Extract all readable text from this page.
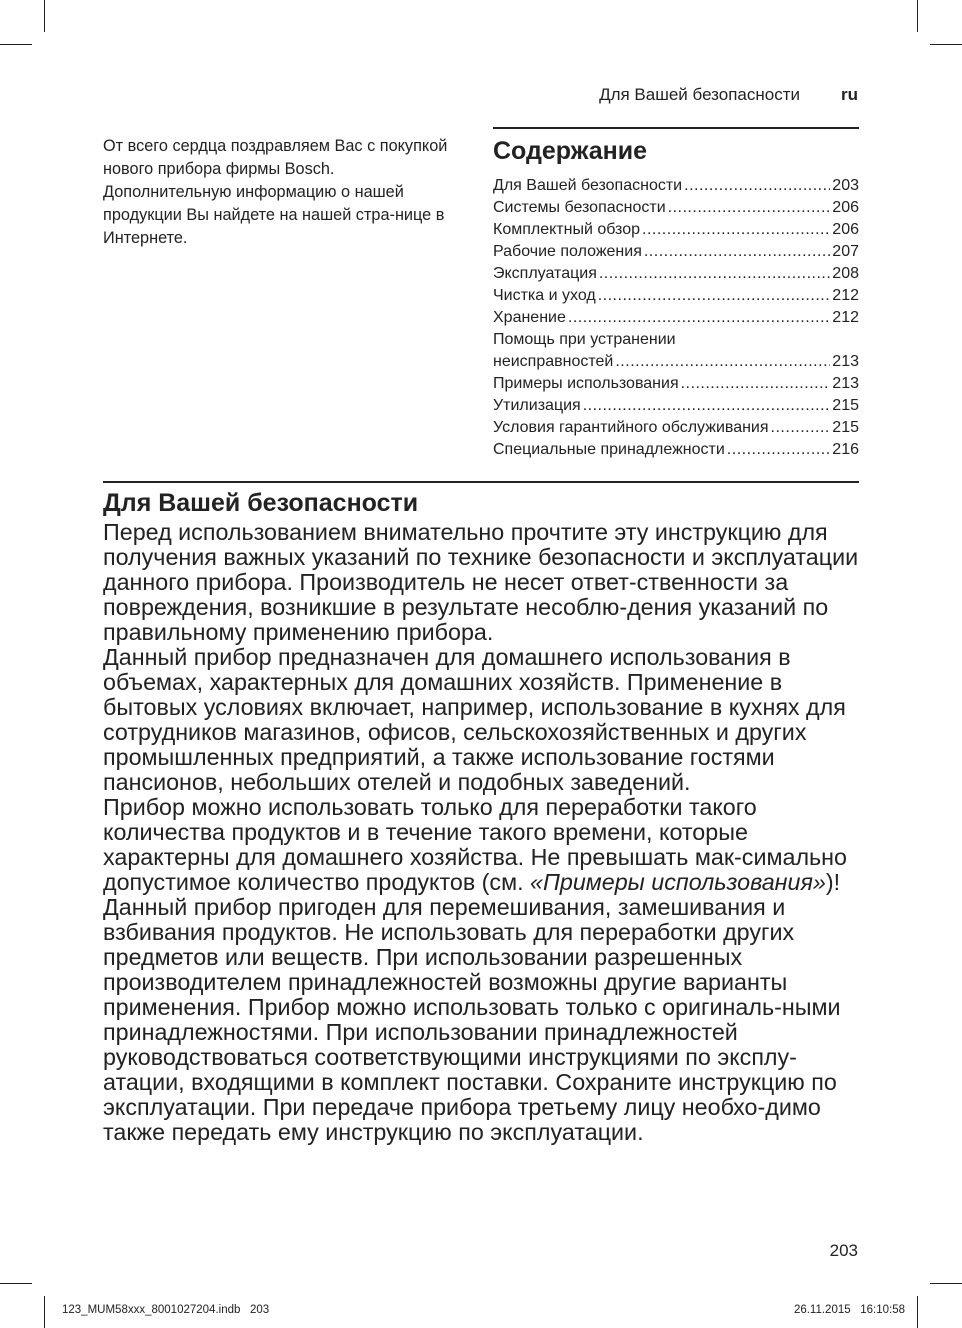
Для Вашей безопасности ru

От всего сердца поздравляем Вас с покупкой нового прибора фирмы Bosch. Дополнительную информацию о нашей продукции Вы найдете на нашей стра-нице в Интернете.

Содержание
Для Вашей безопасности .....	203
Системы безопасности .....	206
Комплектный обзор .....	206
Рабочие положения .....	207
Эксплуатация .....	208
Чистка и уход .....	212
Хранение .....	212
Помощь при устранении
неисправностей .....	213
Примеры использования .....	213
Утилизация .....	215
Условия гарантийного обслуживания .....	215
Специальные принадлежности .....	216
Для Вашей безопасности

Перед использованием внимательно прочтите эту инструкцию для получения важных указаний по технике безопасности и эксплуатации данного прибора. Производитель не несет ответ-ственности за повреждения, возникшие в результате несоблю-дения указаний по правильному применению прибора.

Данный прибор предназначен для домашнего использования в объемах, характерных для домашних хозяйств. Применение в бытовых условиях включает, например, использование в кухнях для сотрудников магазинов, офисов, сельскохозяйственных и других промышленных предприятий, а также использование гостями пансионов, небольших отелей и подобных заведений.

Прибор можно использовать только для переработки такого количества продуктов и в течение такого времени, которые характерны для домашнего хозяйства. Не превышать мак-симально допустимое количество продуктов (см. «Примеры использования»)!

Данный прибор пригоден для перемешивания, замешивания и взбивания продуктов. Не использовать для переработки других предметов или веществ. При использовании разрешенных производителем принадлежностей возможны другие варианты применения. Прибор можно использовать только с оригиналь-ными принадлежностями. При использовании принадлежностей руководствоваться соответствующими инструкциями по эксплу-атации, входящими в комплект поставки. Сохраните инструкцию по эксплуатации. При передаче прибора третьему лицу необхо-димо также передать ему инструкцию по эксплуатации.

203
123_MUM58xxx_8001027204.indb   203	26.11.2015   16:10:58
